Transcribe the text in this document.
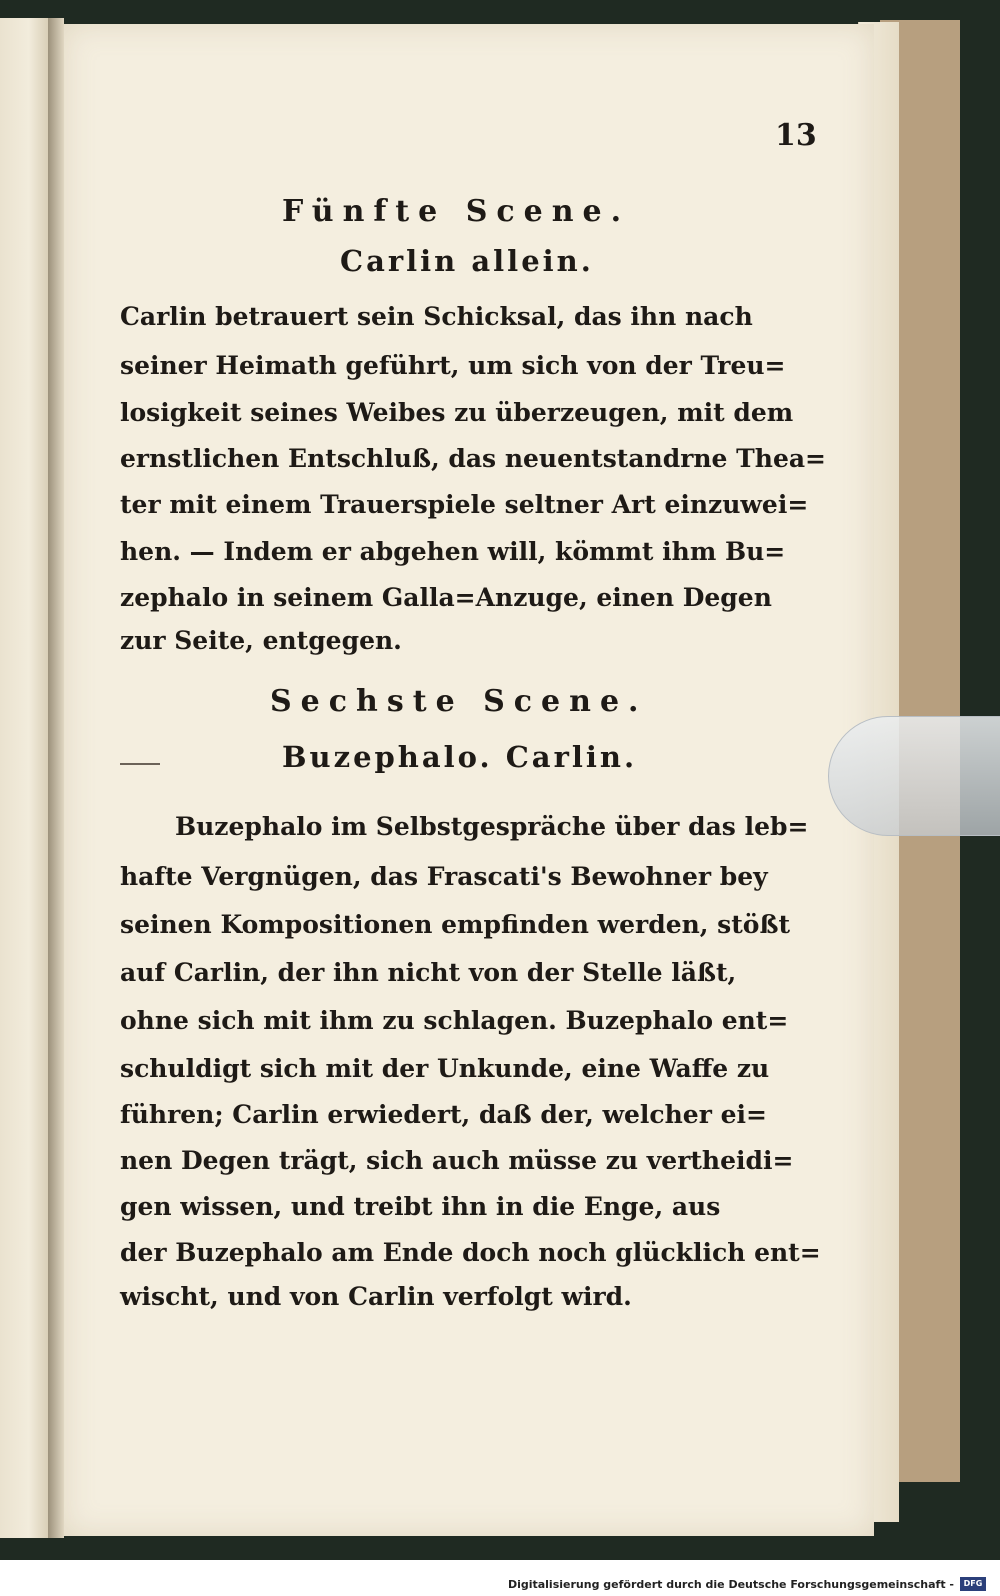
13
Fünfte Scene.
Carlin allein.
Carlin betrauert sein Schicksal, das ihn nach
seiner Heimath geführt, um sich von der Treu=
losigkeit seines Weibes zu überzeugen, mit dem
ernstlichen Entschluß, das neuentstandrne Thea=
ter mit einem Trauerspiele seltner Art einzuwei=
hen. — Indem er abgehen will, kömmt ihm Bu=
zephalo in seinem Galla=Anzuge, einen Degen
zur Seite, entgegen.
Sechste Scene.
Buzephalo. Carlin.
Buzephalo im Selbstgespräche über das leb=
hafte Vergnügen, das Frascati's Bewohner bey
seinen Kompositionen empfinden werden, stößt
auf Carlin, der ihn nicht von der Stelle läßt,
ohne sich mit ihm zu schlagen. Buzephalo ent=
schuldigt sich mit der Unkunde, eine Waffe zu
führen; Carlin erwiedert, daß der, welcher ei=
nen Degen trägt, sich auch müsse zu vertheidi=
gen wissen, und treibt ihn in die Enge, aus
der Buzephalo am Ende doch noch glücklich ent=
wischt, und von Carlin verfolgt wird.
Digitalisierung gefördert durch die Deutsche Forschungsgemeinschaft -	DFG
